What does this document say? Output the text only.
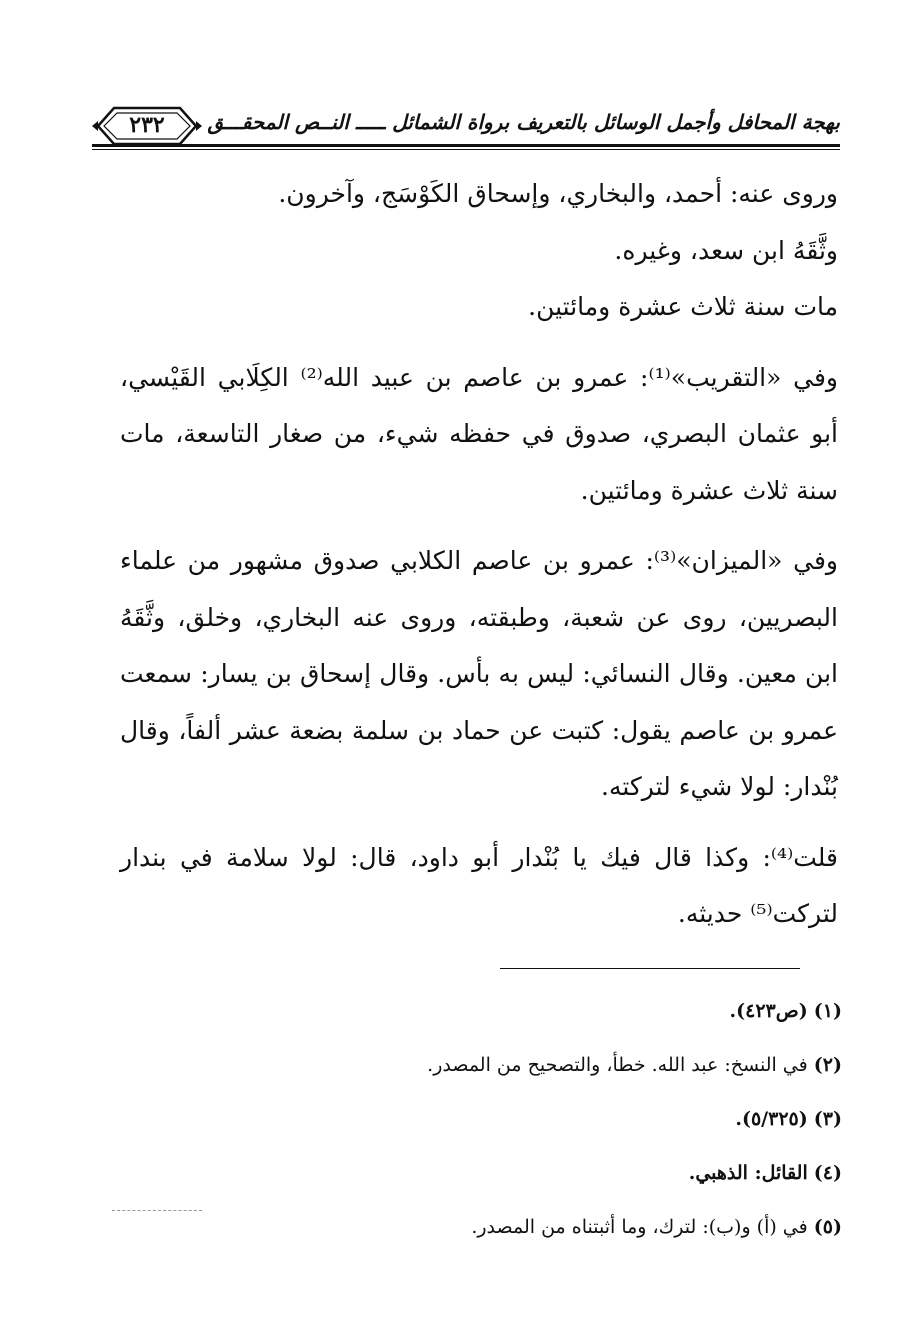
بهجة المحافل وأجمل الوسائل بالتعريف برواة الشمائل ـــــ النــص المحقـــق
٢٣٢

وروى عنه: أحمد، والبخاري، وإسحاق الكَوْسَج، وآخرون.

وثَّقَهُ ابن سعد، وغيره.

مات سنة ثلاث عشرة ومائتين.

وفي «التقريب»⁽¹⁾: عمرو بن عاصم بن عبيد الله⁽²⁾ الكِلَابي القَيْسي، أبو عثمان البصري، صدوق في حفظه شيء، من صغار التاسعة، مات سنة ثلاث عشرة ومائتين.

وفي «الميزان»⁽³⁾: عمرو بن عاصم الكلابي صدوق مشهور من علماء البصريين، روى عن شعبة، وطبقته، وروى عنه البخاري، وخلق، وثَّقَهُ ابن معين. وقال النسائي: ليس به بأس. وقال إسحاق بن يسار: سمعت عمرو بن عاصم يقول: كتبت عن حماد بن سلمة بضعة عشر ألفاً، وقال بُنْدار: لولا شيء لتركته.

قلت⁽⁴⁾: وكذا قال فيك يا بُنْدار أبو داود، قال: لولا سلامة في بندار لتركت⁽⁵⁾ حديثه.

(١) (ص٤٢٣).
(٢) في النسخ: عبد الله. خطأ، والتصحيح من المصدر.
(٣) (٥/٣٢٥).
(٤) القائل: الذهبي.
(٥) في (أ) و(ب): لترك، وما أثبتناه من المصدر.
